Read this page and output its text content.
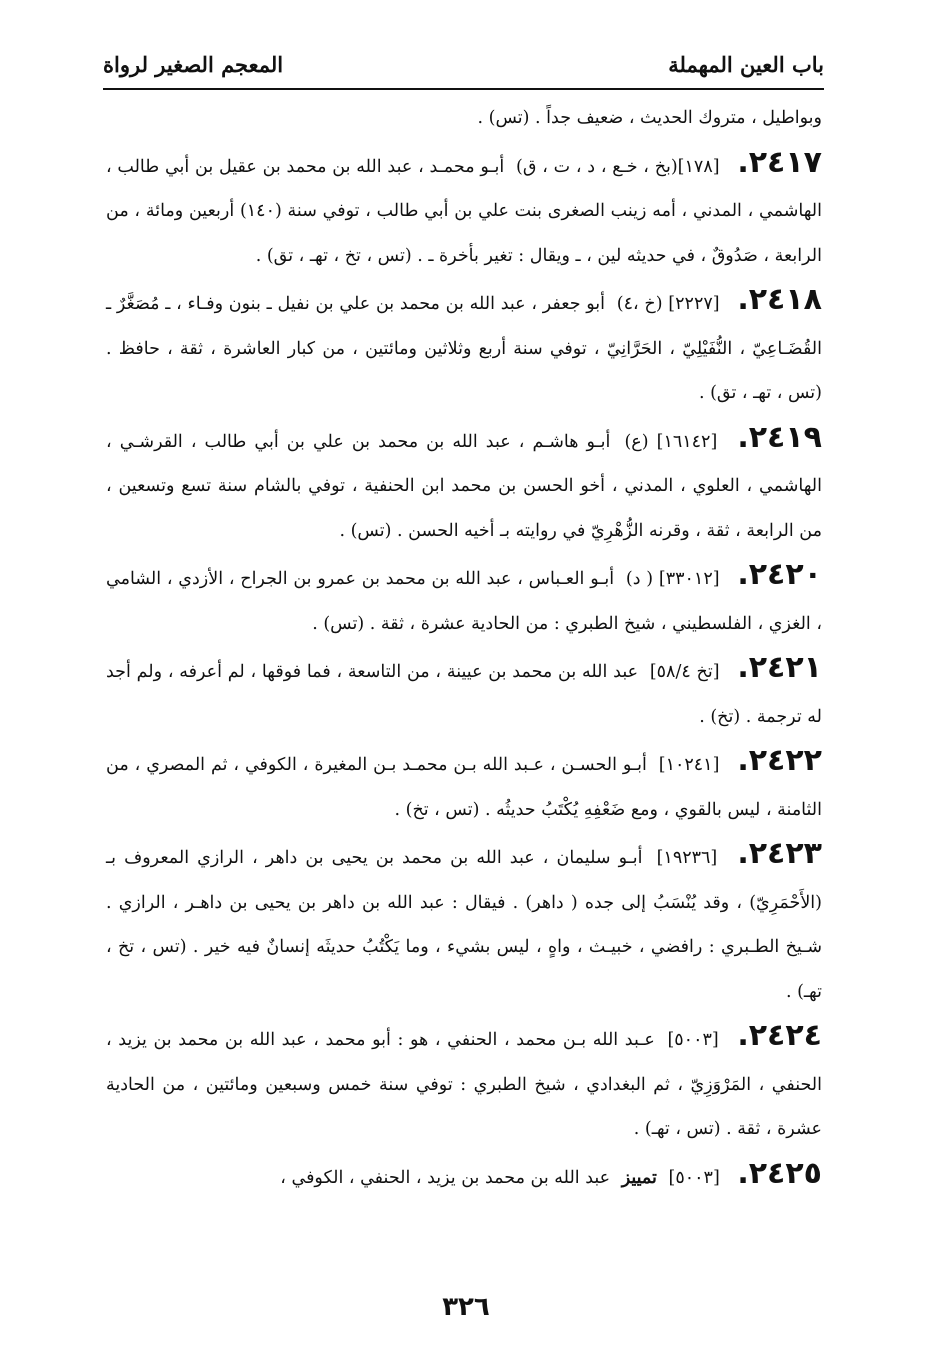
باب العين المهملة
المعجم الصغير لرواة

وبواطيل ، متروك الحديث ، ضعيف جداً . (تس) .

٢٤١٧. [١٧٨](بخ ، خـع ، د ، ت ، ق) أبـو محمـد ، عبد الله بن محمد بن عقيل بن أبي طالب ، الهاشمي ، المدني ، أمه زينب الصغرى بنت علي بن أبي طالب ، توفي سنة (١٤٠) أربعين ومائة ، من الرابعة ، صَدُوقٌ ، في حديثه لين ، ـ ويقال : تغير بأخرة ـ . (تس ، تخ ، تهـ ، تق) .

٢٤١٨. [٢٢٢٧] (خ ،٤) أبو جعفر ، عبد الله بن محمد بن علي بن نفيل ـ بنون وفـاء ، ـ مُصَغَّرٌ ـ القُضَـاعِيّ ، النُّفَيْلِيّ ، الحَرَّانِيّ ، توفي سنة أربع وثلاثين ومائتين ، من كبار العاشرة ، ثقة ، حافظ . (تس ، تهـ ، تق) .

٢٤١٩. [١٦١٤٢] (ع) أبـو هاشـم ، عبد الله بن محمد بن علي بن أبي طالب ، القرشـي ، الهاشمي ، العلوي ، المدني ، أخو الحسن بن محمد ابن الحنفية ، توفي بالشام سنة تسع وتسعين ، من الرابعة ، ثقة ، وقرنه الزُّهْرِيّ في روايته بـ أخيه الحسن . (تس) .

٢٤٢٠. [٣٣٠١٢] ( د) أبـو العـباس ، عبد الله بن محمد بن عمرو بن الجراح ، الأزدي ، الشامي ، الغزي ، الفلسطيني ، شيخ الطبري : من الحادية عشرة ، ثقة . (تس) .

٢٤٢١. [تخ ٥٨/٤] عبد الله بن محمد بن عيينة ، من التاسعة ، فما فوقها ، لم أعرفه ، ولم أجد له ترجمة . (تخ) .

٢٤٢٢. [١٠٢٤١] أبـو الحسـن ، عـبد الله بـن محمـد بـن المغيرة ، الكوفي ، ثم المصري ، من الثامنة ، ليس بالقوي ، ومع ضَعْفِهِ يُكْتَبُ حديثُه . (تس ، تخ) .

٢٤٢٣. [١٩٢٣٦] أبـو سليمان ، عبد الله بن محمد بن يحيى بن داهر ، الرازي المعروف بـ (الأَحْمَرِيّ) ، وقد يُنْسَبُ إلى جده ( داهر) . فيقال : عبد الله بن داهر بن يحيى بن داهـر ، الرازي . شـيخ الطـبري : رافضي ، خبيـث ، واهٍ ، ليس بشيء ، وما يَكْتُبُ حديثَه إنسانٌ فيه خير . (تس ، تخ ، تهـ) .

٢٤٢٤. [٥٠٠٣] عـبد الله بـن محمد ، الحنفي ، هو : أبو محمد ، عبد الله بن محمد بن يزيد ، الحنفي ، المَرْوَزِيّ ، ثم البغدادي ، شيخ الطبري : توفي سنة خمس وسبعين ومائتين ، من الحادية عشرة ، ثقة . (تس ، تهـ) .

٢٤٢٥. [٥٠٠٣] تمييز عبد الله بن محمد بن يزيد ، الحنفي ، الكوفي ،

٣٢٦
